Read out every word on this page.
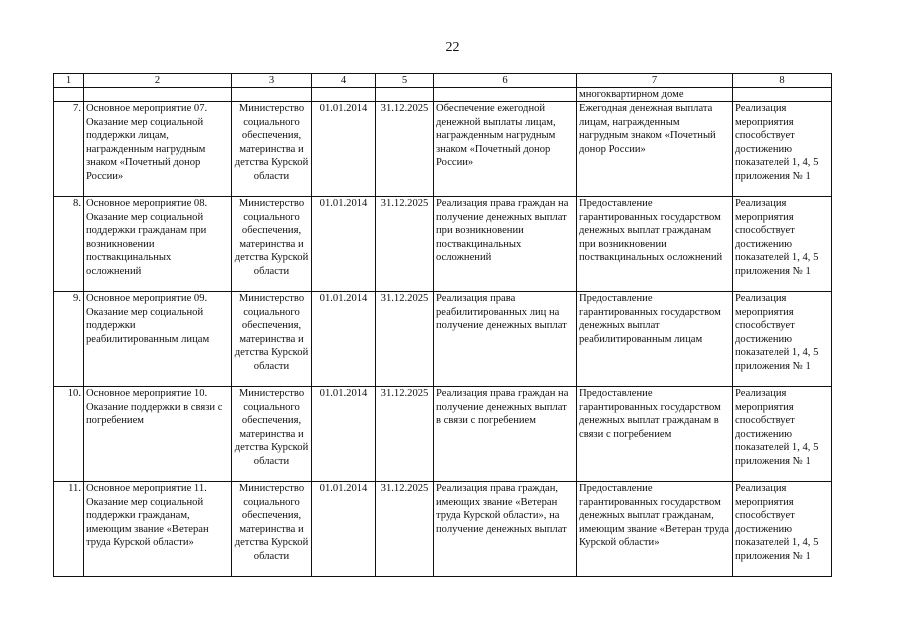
22
1	2	3	4	5	6	7	8
						многоквартирном доме	
7.	Основное мероприятие 07. Оказание мер социальной поддержки лицам, награжденным нагрудным знаком «Почетный донор России»	Министерство социального обеспечения, материнства и детства Курской области	01.01.2014	31.12.2025	Обеспечение ежегодной денежной выплаты лицам, награжденным нагрудным знаком «Почетный донор России»	Ежегодная денежная выплата лицам, награжденным нагрудным знаком «Почетный донор России»	Реализация мероприятия способствует достижению показателей 1, 4, 5 приложения № 1
8.	Основное мероприятие 08. Оказание мер социальной поддержки гражданам при возникновении поствакцинальных осложнений	Министерство социального обеспечения, материнства и детства Курской области	01.01.2014	31.12.2025	Реализация права граждан на получение денежных выплат при возникновении поствакцинальных осложнений	Предоставление гарантированных государством денежных выплат гражданам при возникновении поствакцинальных осложнений	Реализация мероприятия способствует достижению показателей 1, 4, 5 приложения № 1
9.	Основное мероприятие 09. Оказание мер социальной поддержки реабилитированным лицам	Министерство социального обеспечения, материнства и детства Курской области	01.01.2014	31.12.2025	Реализация права реабилитированных лиц на получение денежных выплат	Предоставление гарантированных государством денежных выплат реабилитированным лицам	Реализация мероприятия способствует достижению показателей 1, 4, 5 приложения № 1
10.	Основное мероприятие 10. Оказание поддержки в связи с погребением	Министерство социального обеспечения, материнства и детства Курской области	01.01.2014	31.12.2025	Реализация права граждан на получение денежных выплат в связи с погребением	Предоставление гарантированных государством денежных выплат гражданам в связи с погребением	Реализация мероприятия способствует достижению показателей 1, 4, 5 приложения № 1
11.	Основное мероприятие 11. Оказание мер социальной поддержки гражданам, имеющим звание «Ветеран труда Курской области»	Министерство социального обеспечения, материнства и детства Курской области	01.01.2014	31.12.2025	Реализация права граждан, имеющих звание «Ветеран труда Курской области», на получение денежных выплат	Предоставление гарантированных государством денежных выплат гражданам, имеющим звание «Ветеран труда Курской области»	Реализация мероприятия способствует достижению показателей 1, 4, 5 приложения № 1
